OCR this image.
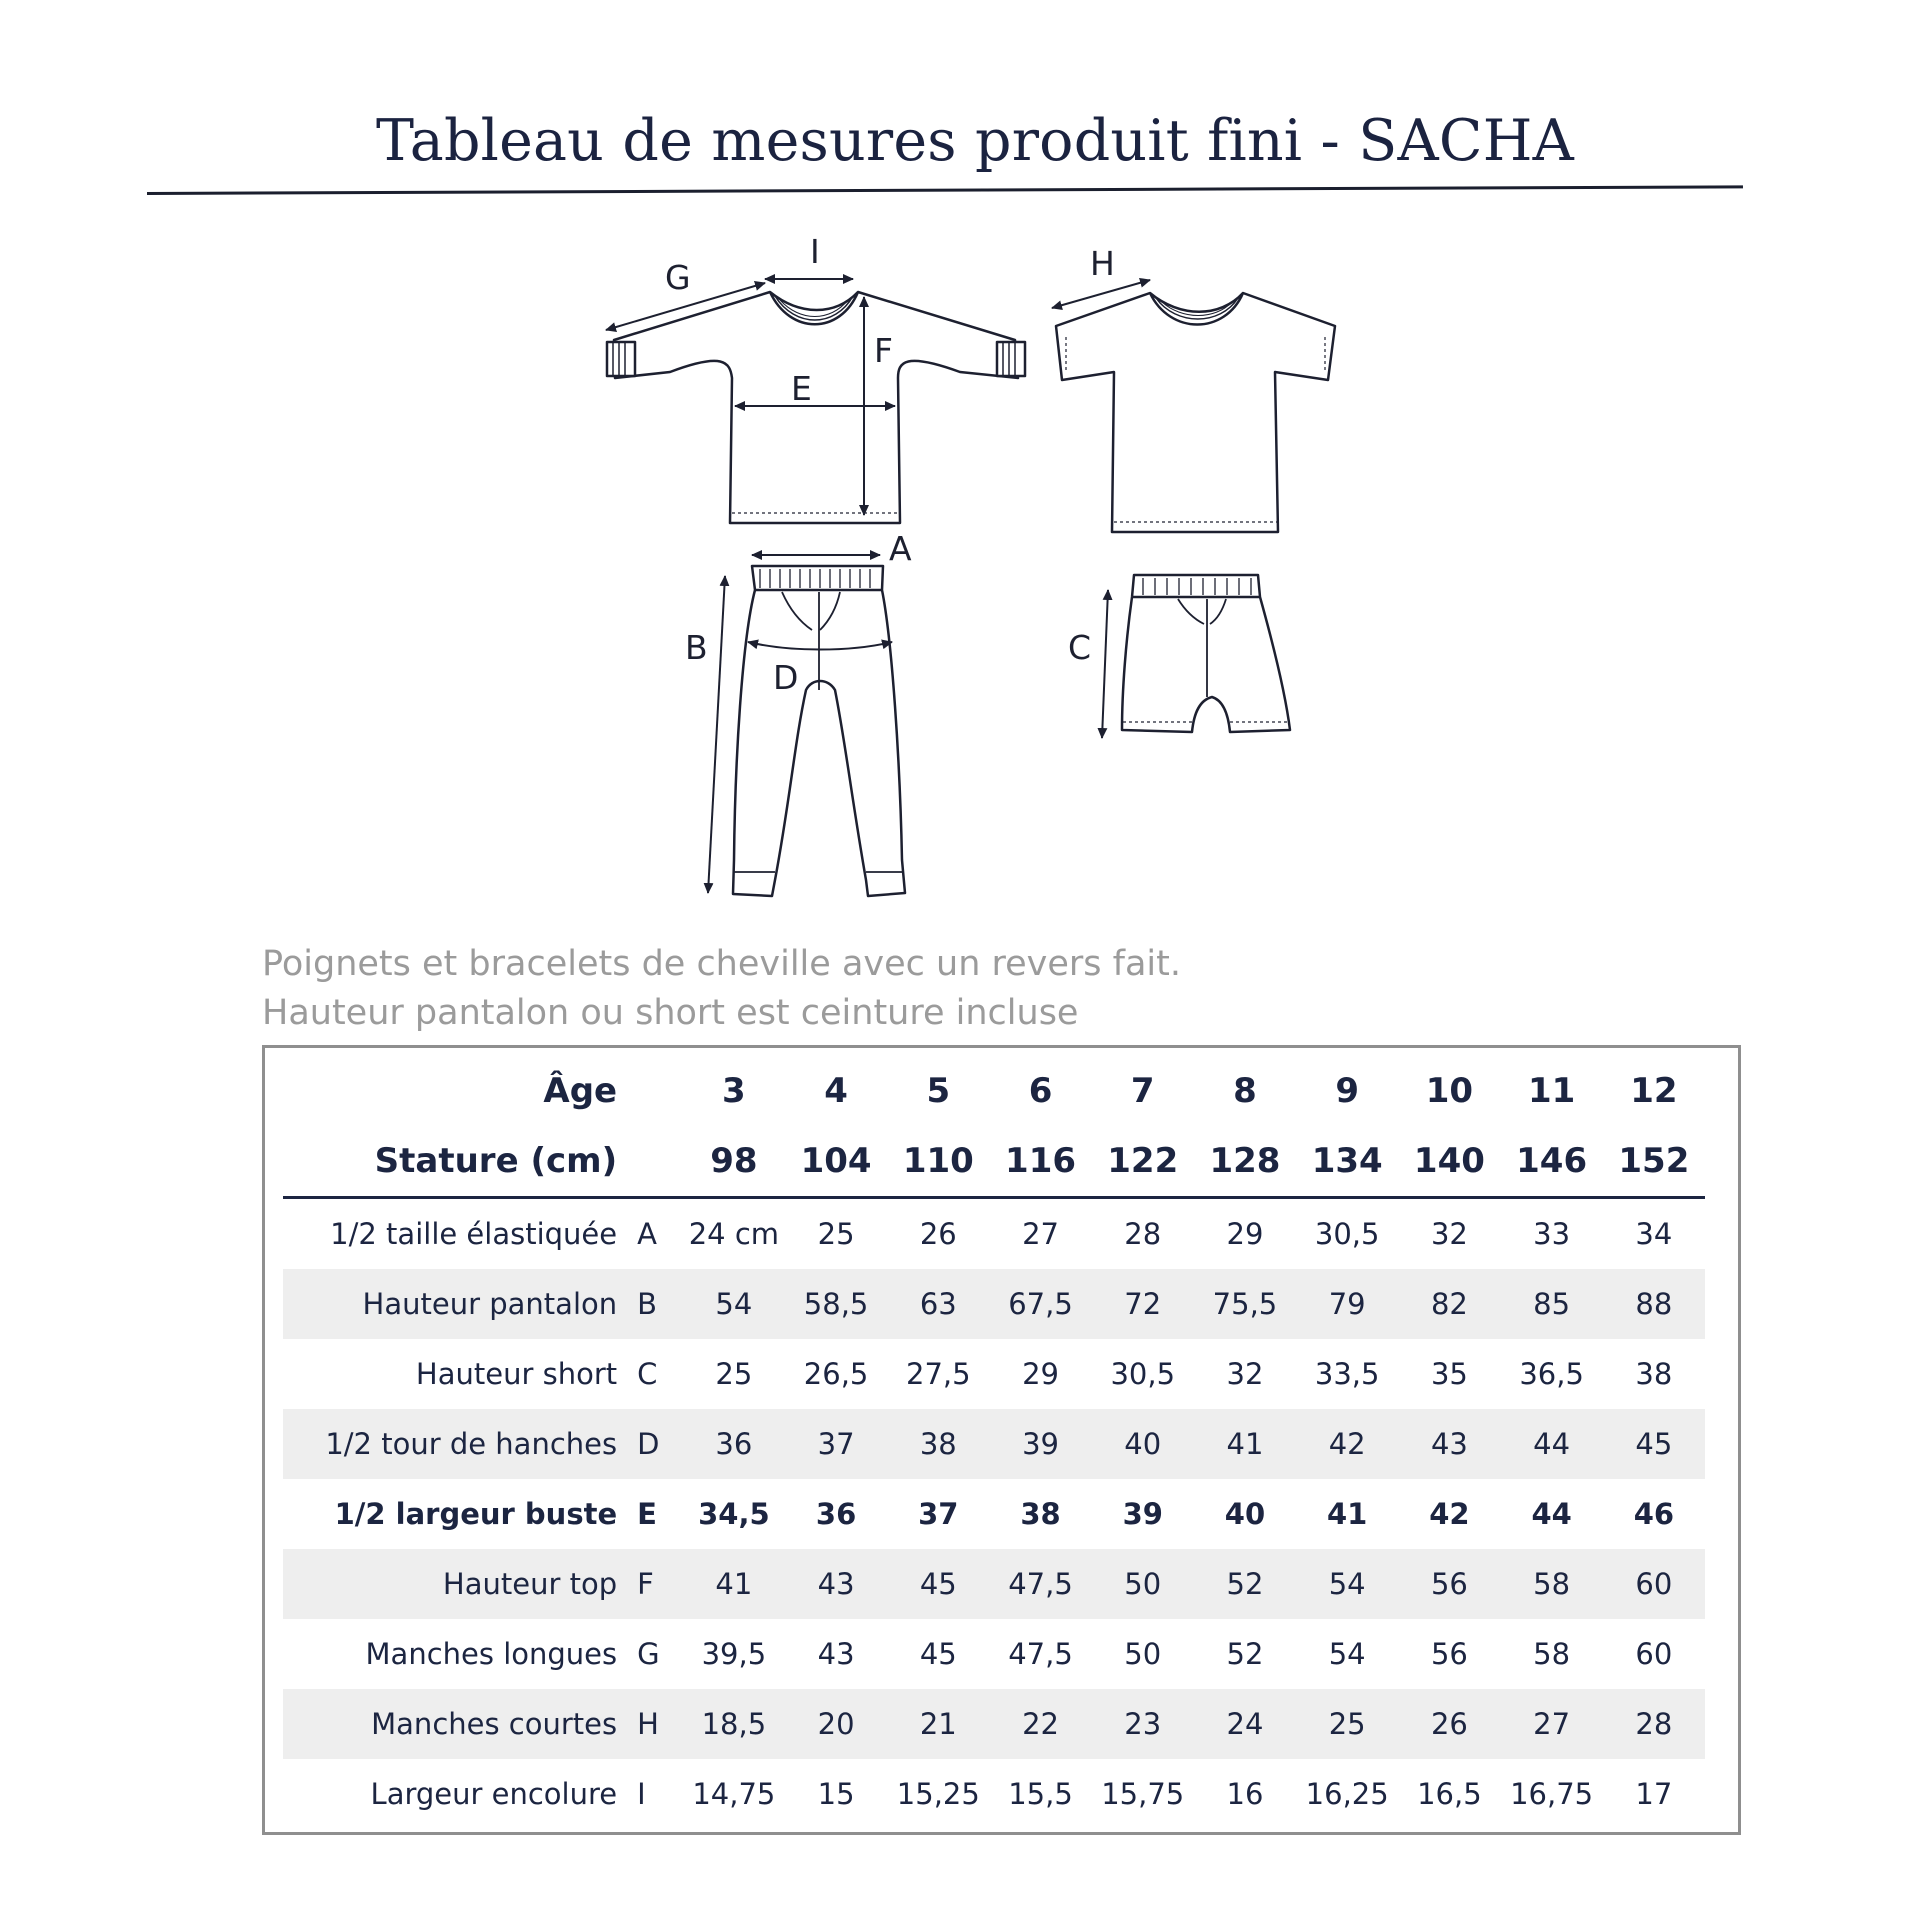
Tableau de mesures produit fini - SACHA
A
B	C
D
E
F
G	H
I
Poignets et bracelets de cheville avec un revers fait.
Hauteur pantalon ou short est ceinture incluse
Âge		3	4	5	6	7	8	9	10	11	12
Stature (cm)		98	104	110	116	122	128	134	140	146	152
1/2 taille élastiquée	A	24 cm	25	26	27	28	29	30,5	32	33	34
Hauteur pantalon	B	54	58,5	63	67,5	72	75,5	79	82	85	88
Hauteur short	C	25	26,5	27,5	29	30,5	32	33,5	35	36,5	38
1/2 tour de hanches	D	36	37	38	39	40	41	42	43	44	45
1/2 largeur buste	E	34,5	36	37	38	39	40	41	42	44	46
Hauteur top	F	41	43	45	47,5	50	52	54	56	58	60
Manches longues	G	39,5	43	45	47,5	50	52	54	56	58	60
Manches courtes	H	18,5	20	21	22	23	24	25	26	27	28
Largeur encolure	I	14,75	15	15,25	15,5	15,75	16	16,25	16,5	16,75	17
